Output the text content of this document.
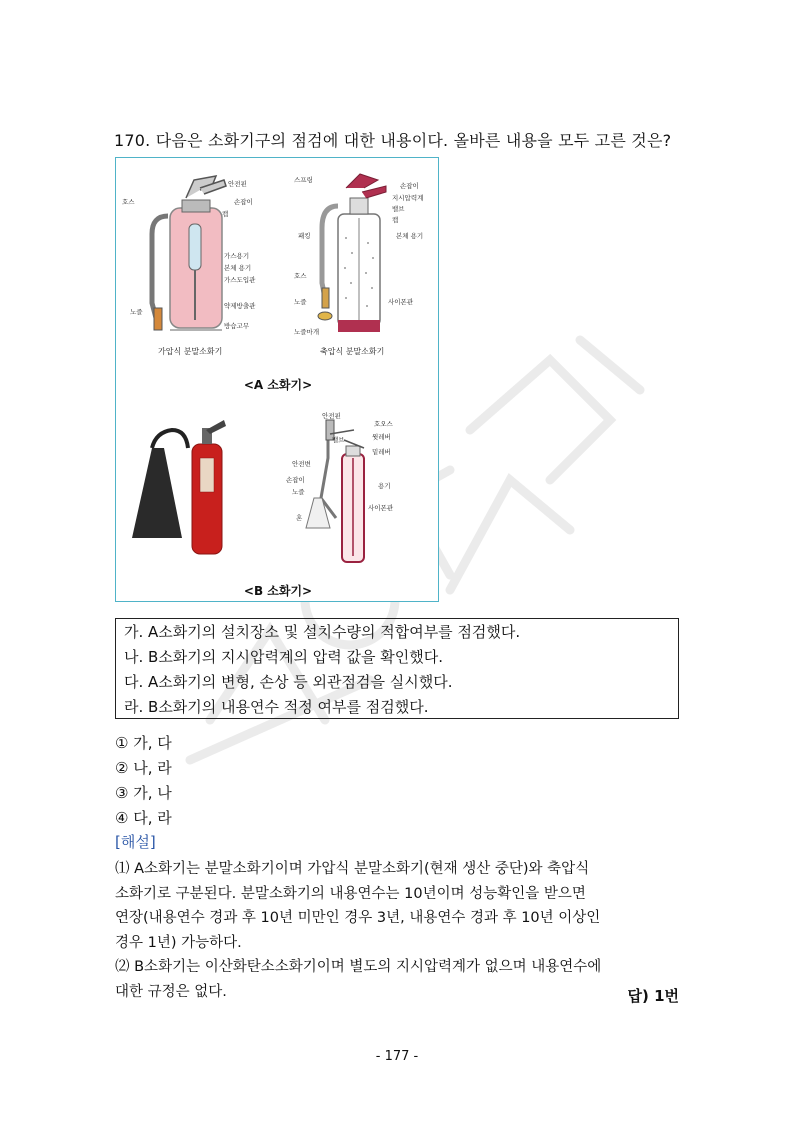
170. 다음은 소화기구의 점검에 대한 내용이다. 올바른 내용을 모두 고른 것은?
호스
안전핀
손잡이
캡
가스용기
본체 용기
가스도입관
노즐
약제방출관
방습고무
가압식 분말소화기
스프링
손잡이
지시압력계
밸브
캡
패킹	본체 용기
호스
사이폰관
노즐
노즐마개
축압식 분말소화기
안전핀
호오스
윗레버
밸브
밑레버
안전변
손잡이
노즐
용기
혼
사이폰관
<A 소화기>
<B 소화기>
가. A소화기의 설치장소 및 설치수량의 적합여부를 점검했다.
나. B소화기의 지시압력계의 압력 값을 확인했다.
다. A소화기의 변형, 손상 등 외관점검을 실시했다.
라. B소화기의 내용연수 적정 여부를 점검했다.
① 가, 다
② 나, 라
③ 가, 나
④ 다, 라
[해설]
⑴ A소화기는 분말소화기이며 가압식 분말소화기(현재 생산 중단)와 축압식
소화기로 구분된다. 분말소화기의 내용연수는 10년이며 성능확인을 받으면
연장(내용연수 경과 후 10년 미만인 경우 3년, 내용연수 경과 후 10년 이상인
경우 1년) 가능하다.
⑵ B소화기는 이산화탄소소화기이며 별도의 지시압력계가 없으며 내용연수에
대한 규정은 없다.	답) 1번
- 177 -
